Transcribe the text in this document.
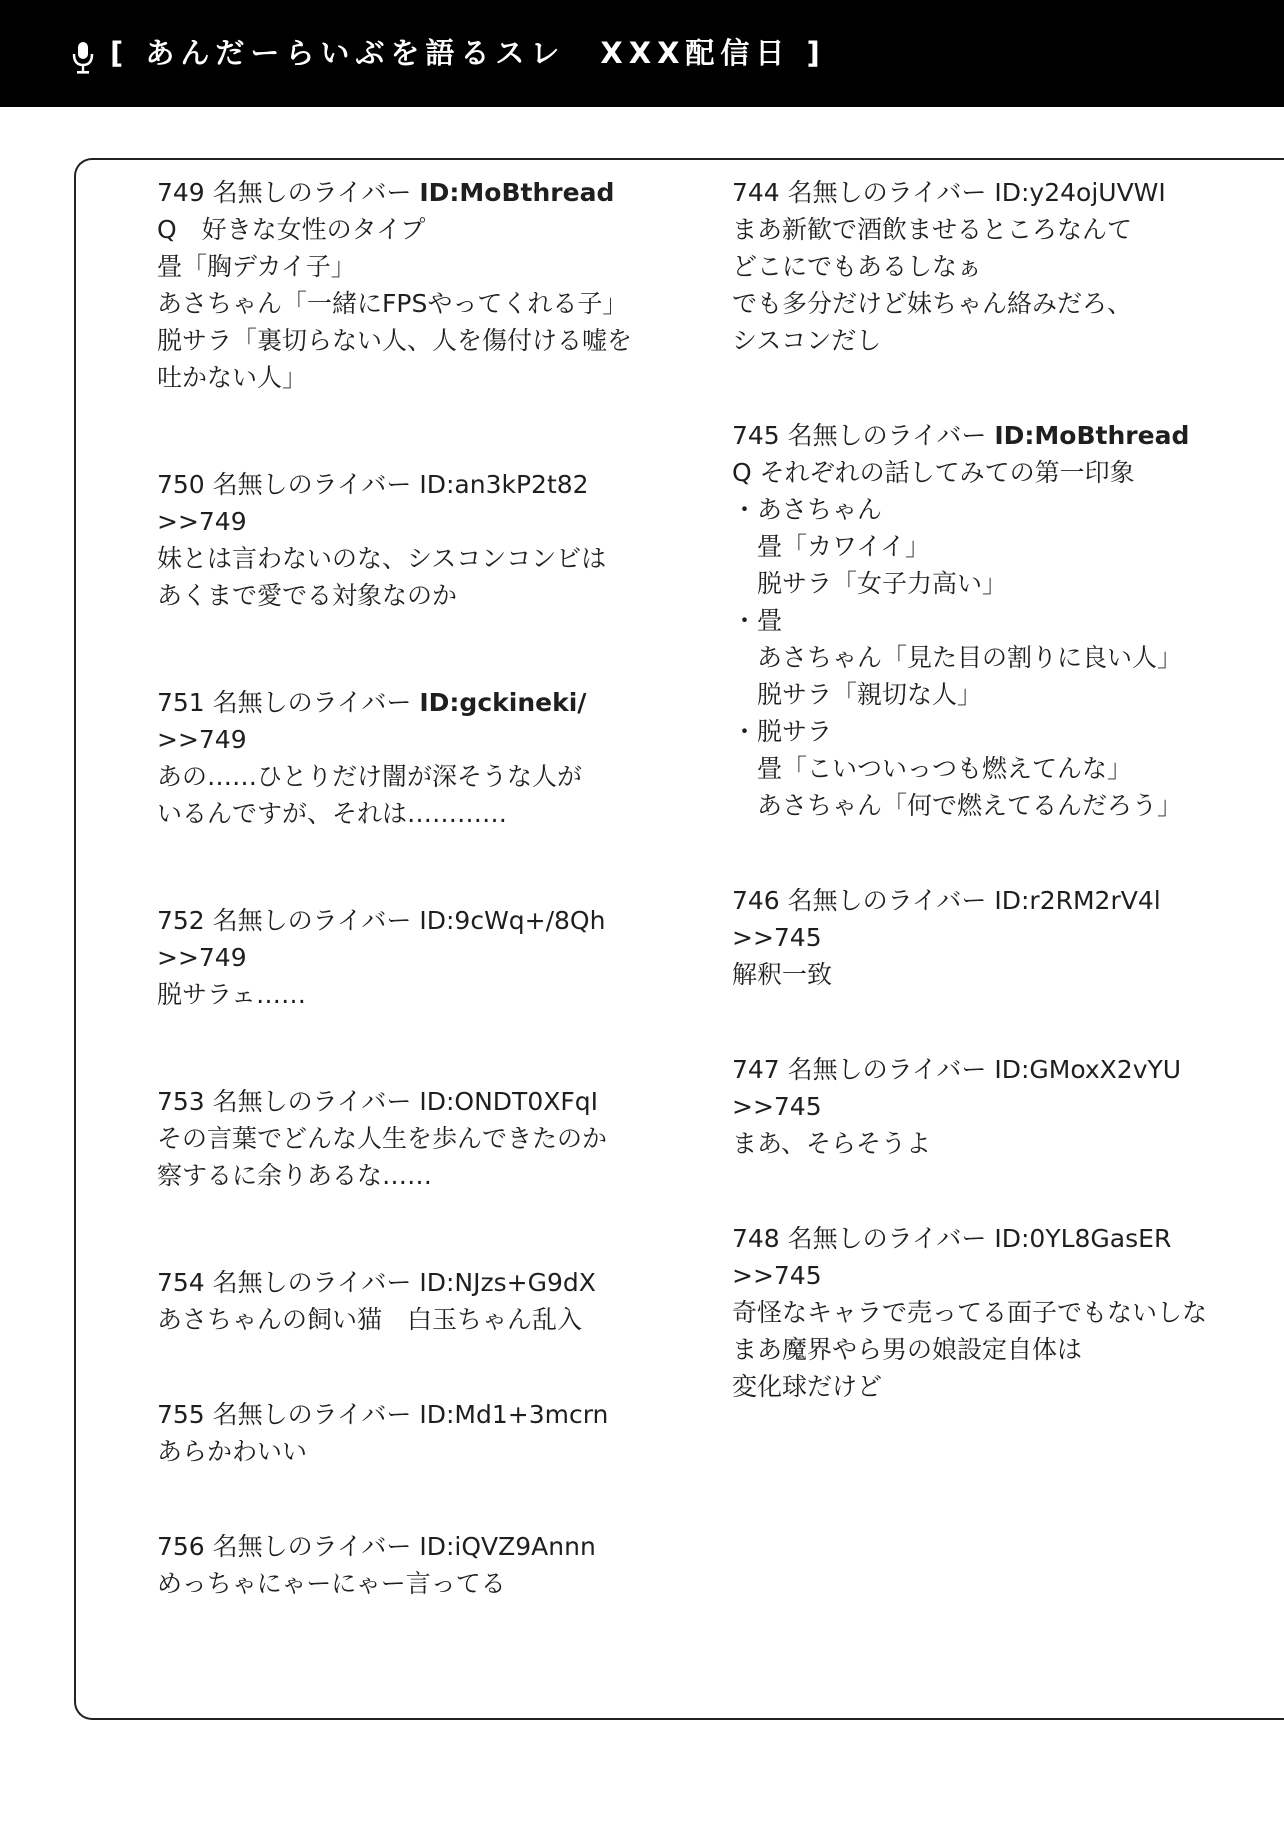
[ あんだーらいぶを語るスレ　XXX配信日 ]
749 名無しのライバー ID:MoBthread
Q　好きな女性のタイプ
畳「胸デカイ子」
あさちゃん「一緒にFPSやってくれる子」
脱サラ「裏切らない人、人を傷付ける嘘を
吐かない人」
750 名無しのライバー ID:an3kP2t82
>>749
妹とは言わないのな、シスコンコンビは
あくまで愛でる対象なのか
751 名無しのライバー ID:gckineki/
>>749
あの……ひとりだけ闇が深そうな人が
いるんですが、それは…………
752 名無しのライバー ID:9cWq+/8Qh
>>749
脱サラェ……
753 名無しのライバー ID:ONDT0XFqI
その言葉でどんな人生を歩んできたのか
察するに余りあるな……
754 名無しのライバー ID:NJzs+G9dX
あさちゃんの飼い猫　白玉ちゃん乱入
755 名無しのライバー ID:Md1+3mcrn
あらかわいい
756 名無しのライバー ID:iQVZ9Annn
めっちゃにゃーにゃー言ってる
744 名無しのライバー ID:y24ojUVWI
まあ新歓で酒飲ませるところなんて
どこにでもあるしなぁ
でも多分だけど妹ちゃん絡みだろ、
シスコンだし
745 名無しのライバー ID:MoBthread
Q それぞれの話してみての第一印象
・あさちゃん
　畳「カワイイ」
　脱サラ「女子力高い」
・畳
　あさちゃん「見た目の割りに良い人」
　脱サラ「親切な人」
・脱サラ
　畳「こいついっつも燃えてんな」
　あさちゃん「何で燃えてるんだろう」
746 名無しのライバー ID:r2RM2rV4l
>>745
解釈一致
747 名無しのライバー ID:GMoxX2vYU
>>745
まあ、そらそうよ
748 名無しのライバー ID:0YL8GasER
>>745
奇怪なキャラで売ってる面子でもないしな
まあ魔界やら男の娘設定自体は
変化球だけど
